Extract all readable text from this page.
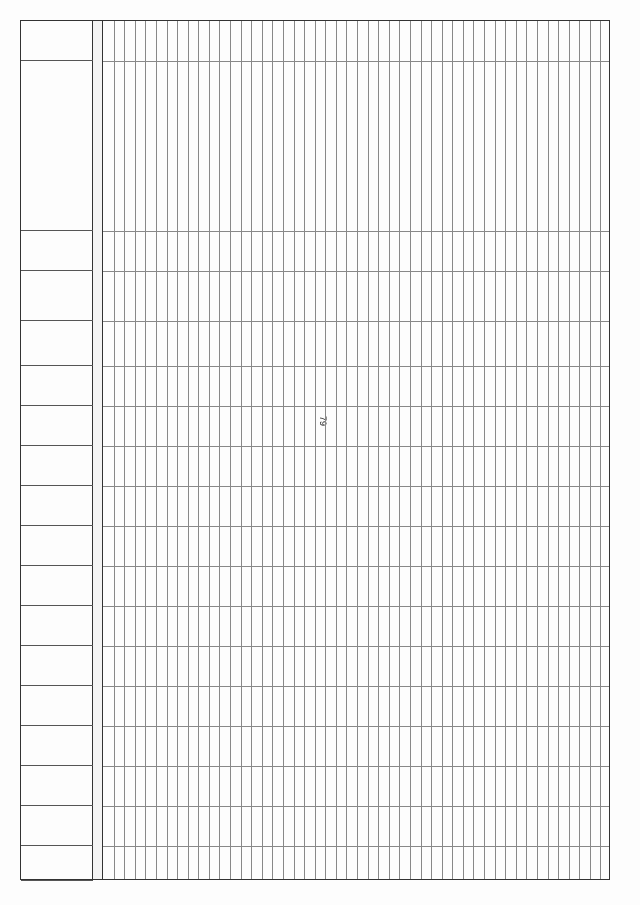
79
